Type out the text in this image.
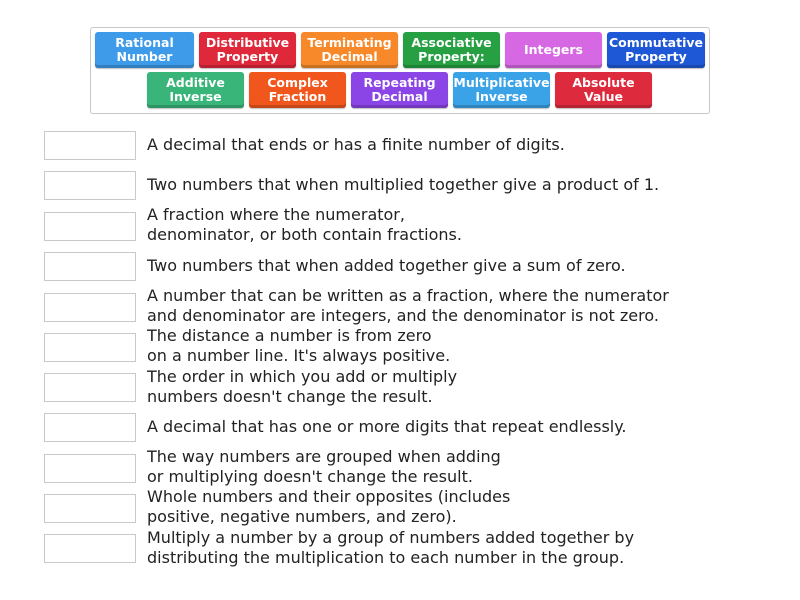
Rational
Number
Distributive
Property
Terminating
Decimal
Associative
Property:	Integers	Commutative
Property
Additive
Inverse
Complex
Fraction
Repeating
Decimal
Multiplicative
Inverse
Absolute
Value
A decimal that ends or has a finite number of digits.
Two numbers that when multiplied together give a product of 1.
A fraction where the numerator,
denominator, or both contain fractions.
Two numbers that when added together give a sum of zero.
A number that can be written as a fraction, where the numerator
and denominator are integers, and the denominator is not zero.
The distance a number is from zero
on a number line. It's always positive.
The order in which you add or multiply
numbers doesn't change the result.
A decimal that has one or more digits that repeat endlessly.
The way numbers are grouped when adding
or multiplying doesn't change the result.
Whole numbers and their opposites (includes
positive, negative numbers, and zero).
Multiply a number by a group of numbers added together by
distributing the multiplication to each number in the group.
